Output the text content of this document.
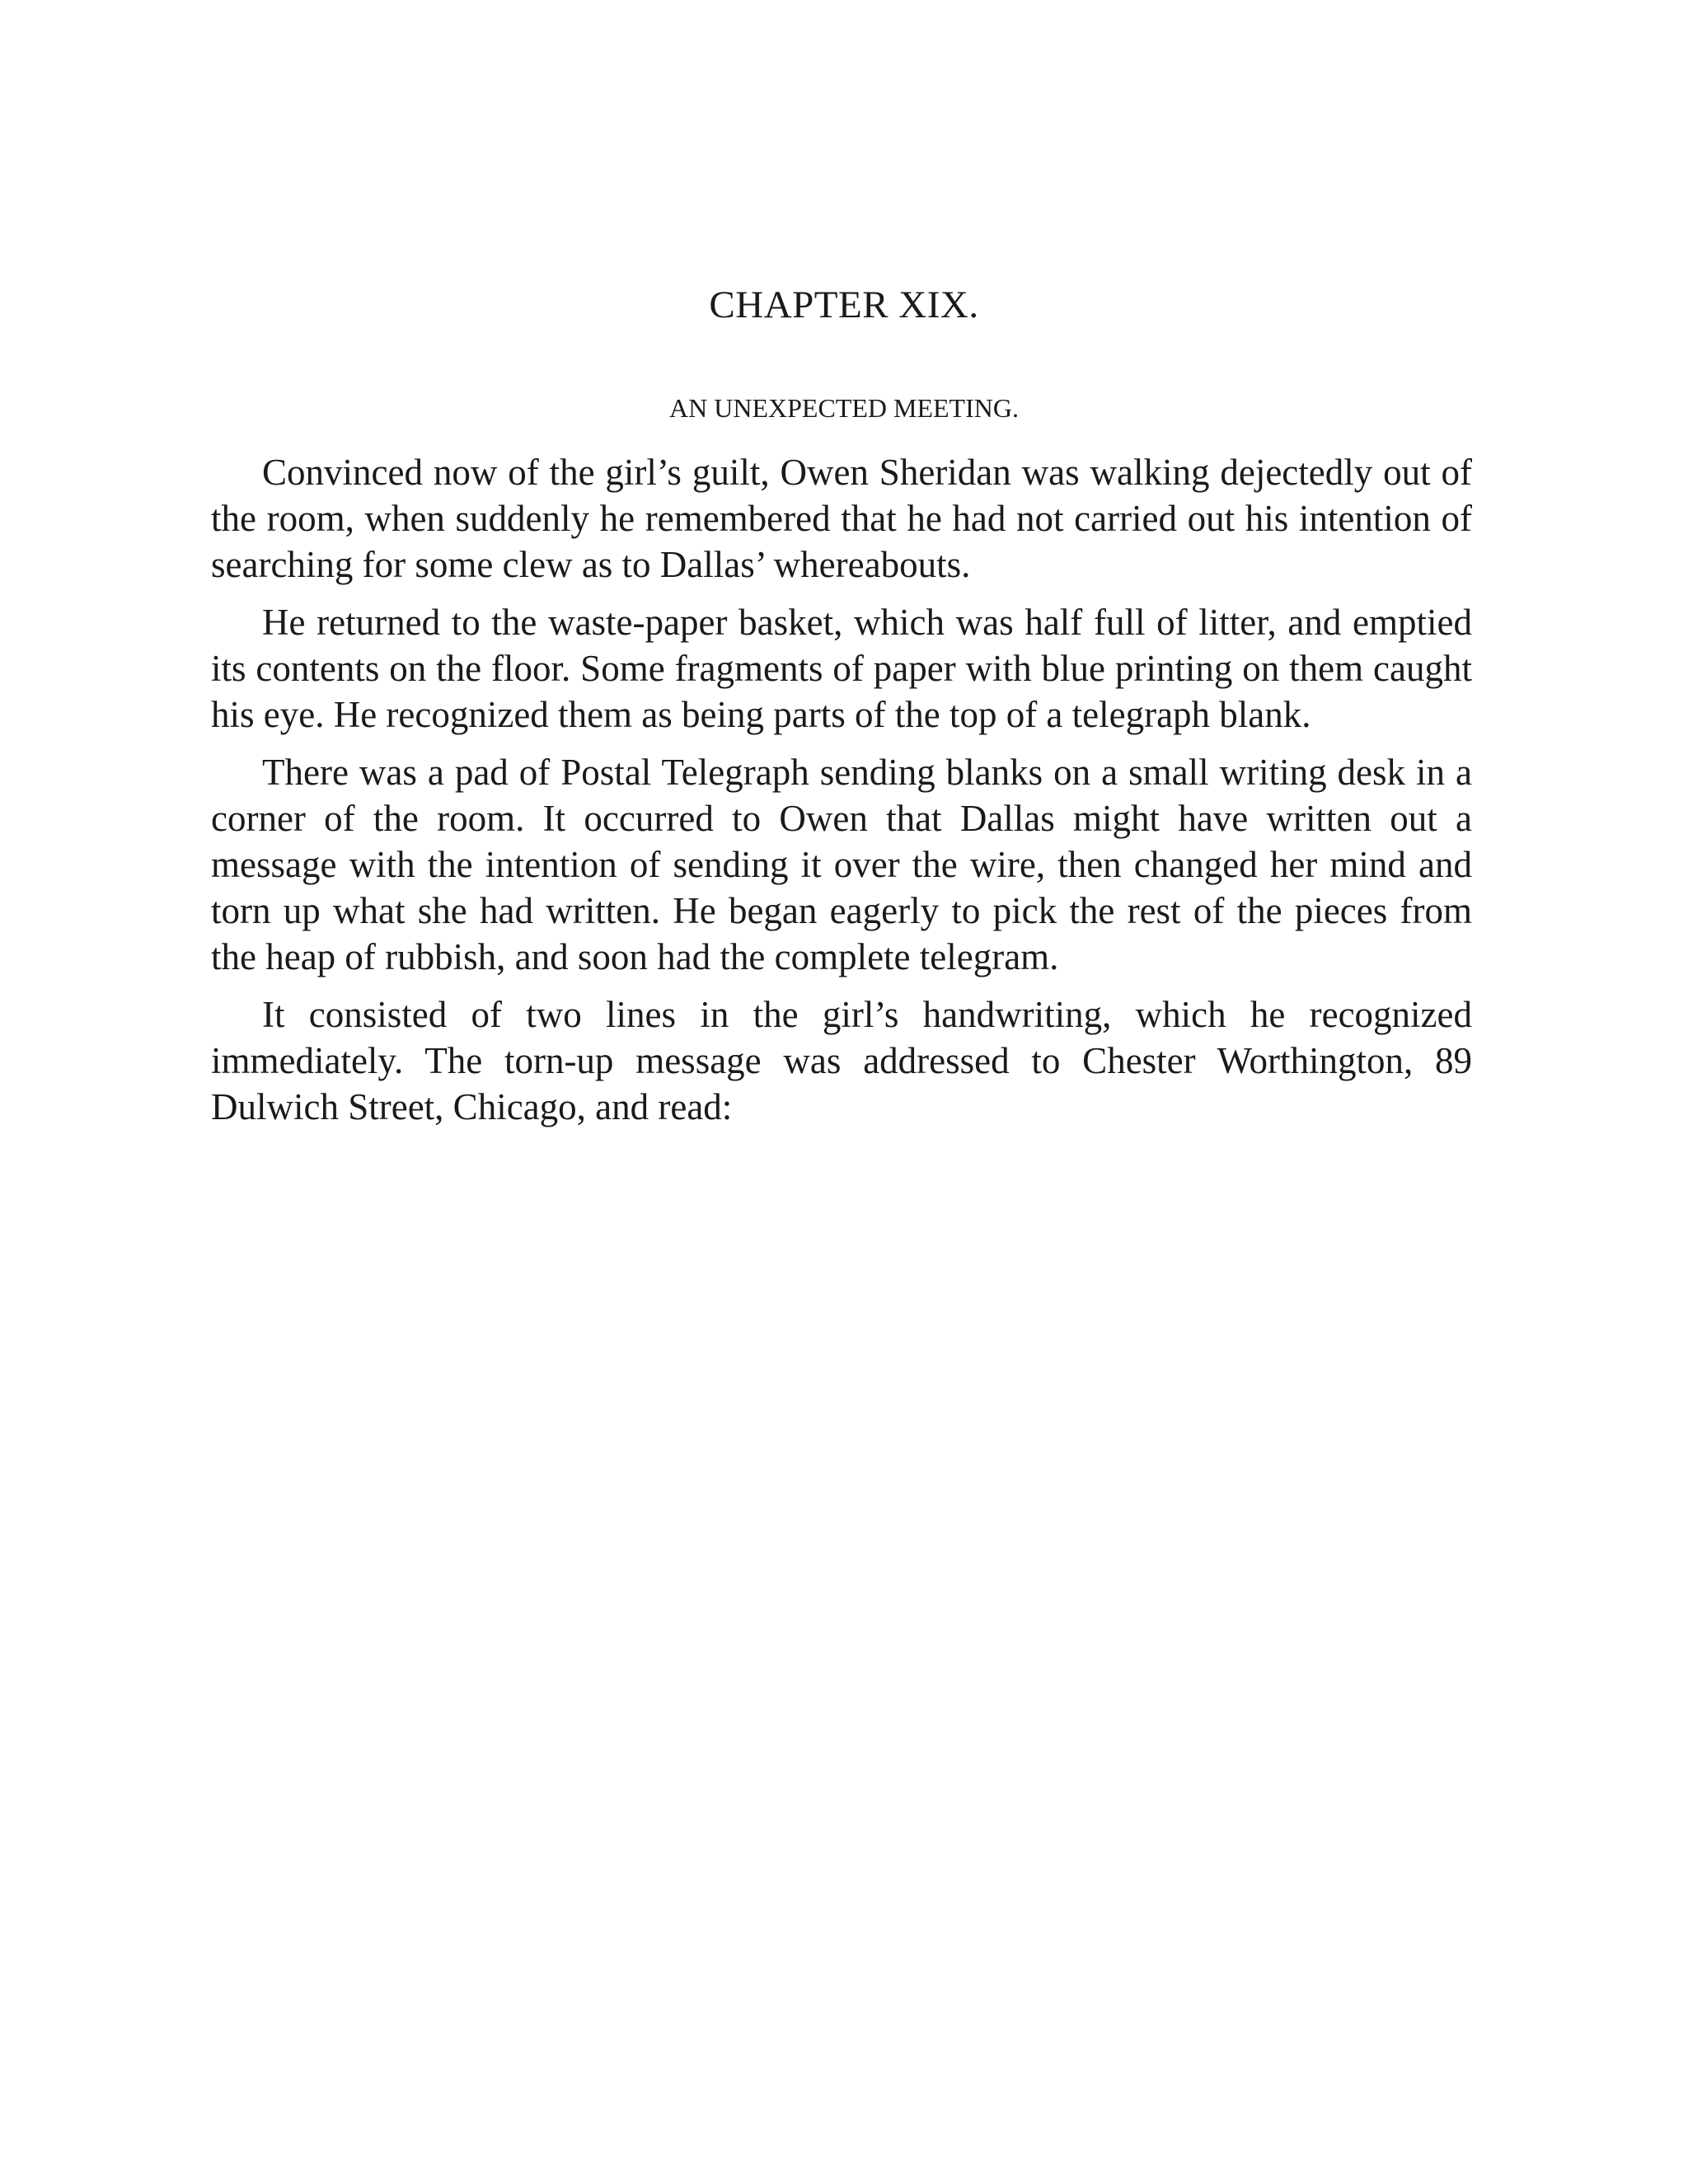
CHAPTER XIX.
AN UNEXPECTED MEETING.

Convinced now of the girl’s guilt, Owen Sheridan was walking dejectedly out of the room, when suddenly he remembered that he had not carried out his intention of searching for some clew as to Dallas’ whereabouts.

He returned to the waste-paper basket, which was half full of litter, and emptied its contents on the floor. Some fragments of paper with blue printing on them caught his eye. He recognized them as being parts of the top of a telegraph blank.

There was a pad of Postal Telegraph sending blanks on a small writing desk in a corner of the room. It occurred to Owen that Dallas might have written out a message with the intention of sending it over the wire, then changed her mind and torn up what she had written. He began eagerly to pick the rest of the pieces from the heap of rubbish, and soon had the complete telegram.

It consisted of two lines in the girl’s handwriting, which he recognized immediately. The torn-up message was addressed to Chester Worthington, 89 Dulwich Street, Chicago, and read:
